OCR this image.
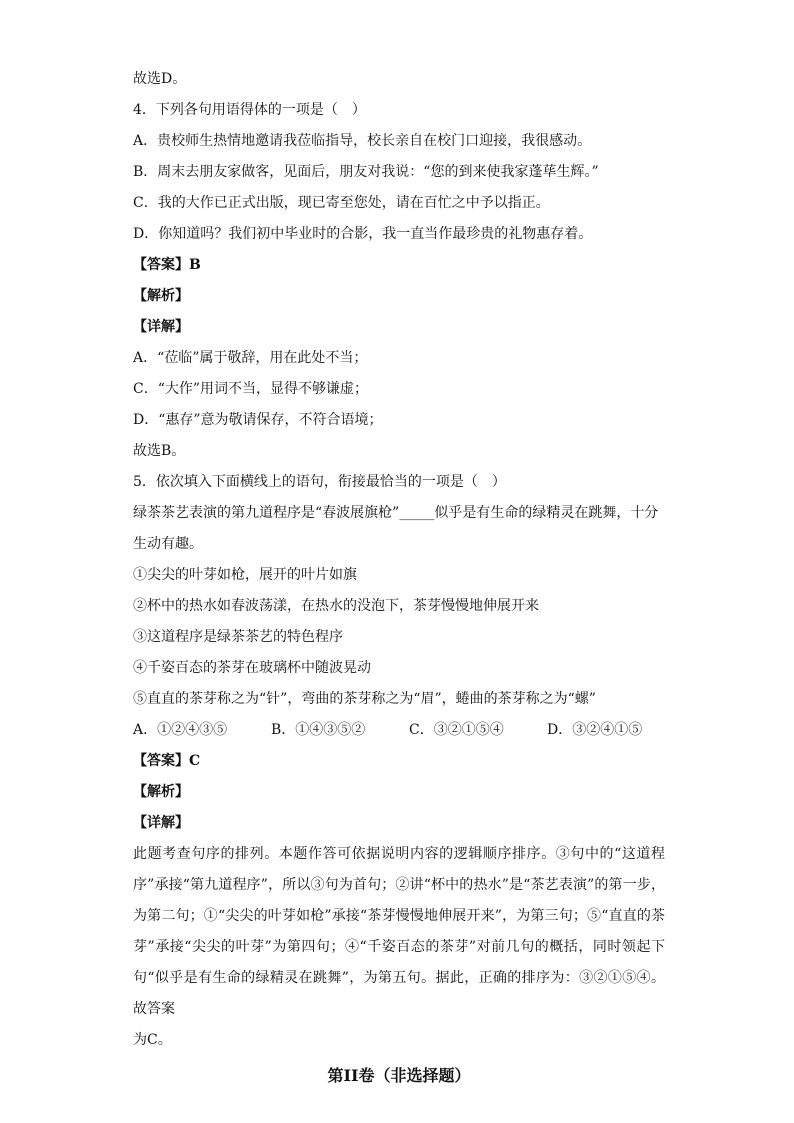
故选D。
4．下列各句用语得体的一项是（　）
A．贵校师生热情地邀请我莅临指导，校长亲自在校门口迎接，我很感动。
B．周末去朋友家做客，见面后，朋友对我说：“您的到来使我家蓬荜生辉。”
C．我的大作已正式出版，现已寄至您处，请在百忙之中予以指正。
D．你知道吗？我们初中毕业时的合影，我一直当作最珍贵的礼物惠存着。
【答案】B
【解析】
【详解】
A．“莅临”属于敬辞，用在此处不当；
C．“大作”用词不当，显得不够谦虚；
D．“惠存”意为敬请保存，不符合语境；
故选B。
5．依次填入下面横线上的语句，衔接最恰当的一项是（　）
绿茶茶艺表演的第九道程序是“春波展旗枪”_____似乎是有生命的绿精灵在跳舞，十分
生动有趣。
①尖尖的叶芽如枪，展开的叶片如旗
②杯中的热水如春波荡漾，在热水的没泡下，茶芽慢慢地伸展开来
③这道程序是绿茶茶艺的特色程序
④千姿百态的茶芽在玻璃杯中随波晃动
⑤直直的茶芽称之为“针”，弯曲的茶芽称之为“眉”，蜷曲的茶芽称之为“螺”
A．①②④③⑤	B．①④③⑤②	C．③②①⑤④	D．③②④①⑤
【答案】C
【解析】
【详解】
此题考查句序的排列。本题作答可依据说明内容的逻辑顺序排序。③句中的“这道程序”承接“第九道程序”，所以③句为首句；②讲“杯中的热水”是“茶艺表演”的第一步，为第二句；①“尖尖的叶芽如枪”承接“茶芽慢慢地伸展开来”，为第三句；⑤“直直的茶芽”承接“尖尖的叶芽”为第四句；④“千姿百态的茶芽”对前几句的概括，同时领起下句“似乎是有生命的绿精灵在跳舞”，为第五句。据此，正确的排序为：③②①⑤④。故答案
为C。
第II卷（非选择题）
